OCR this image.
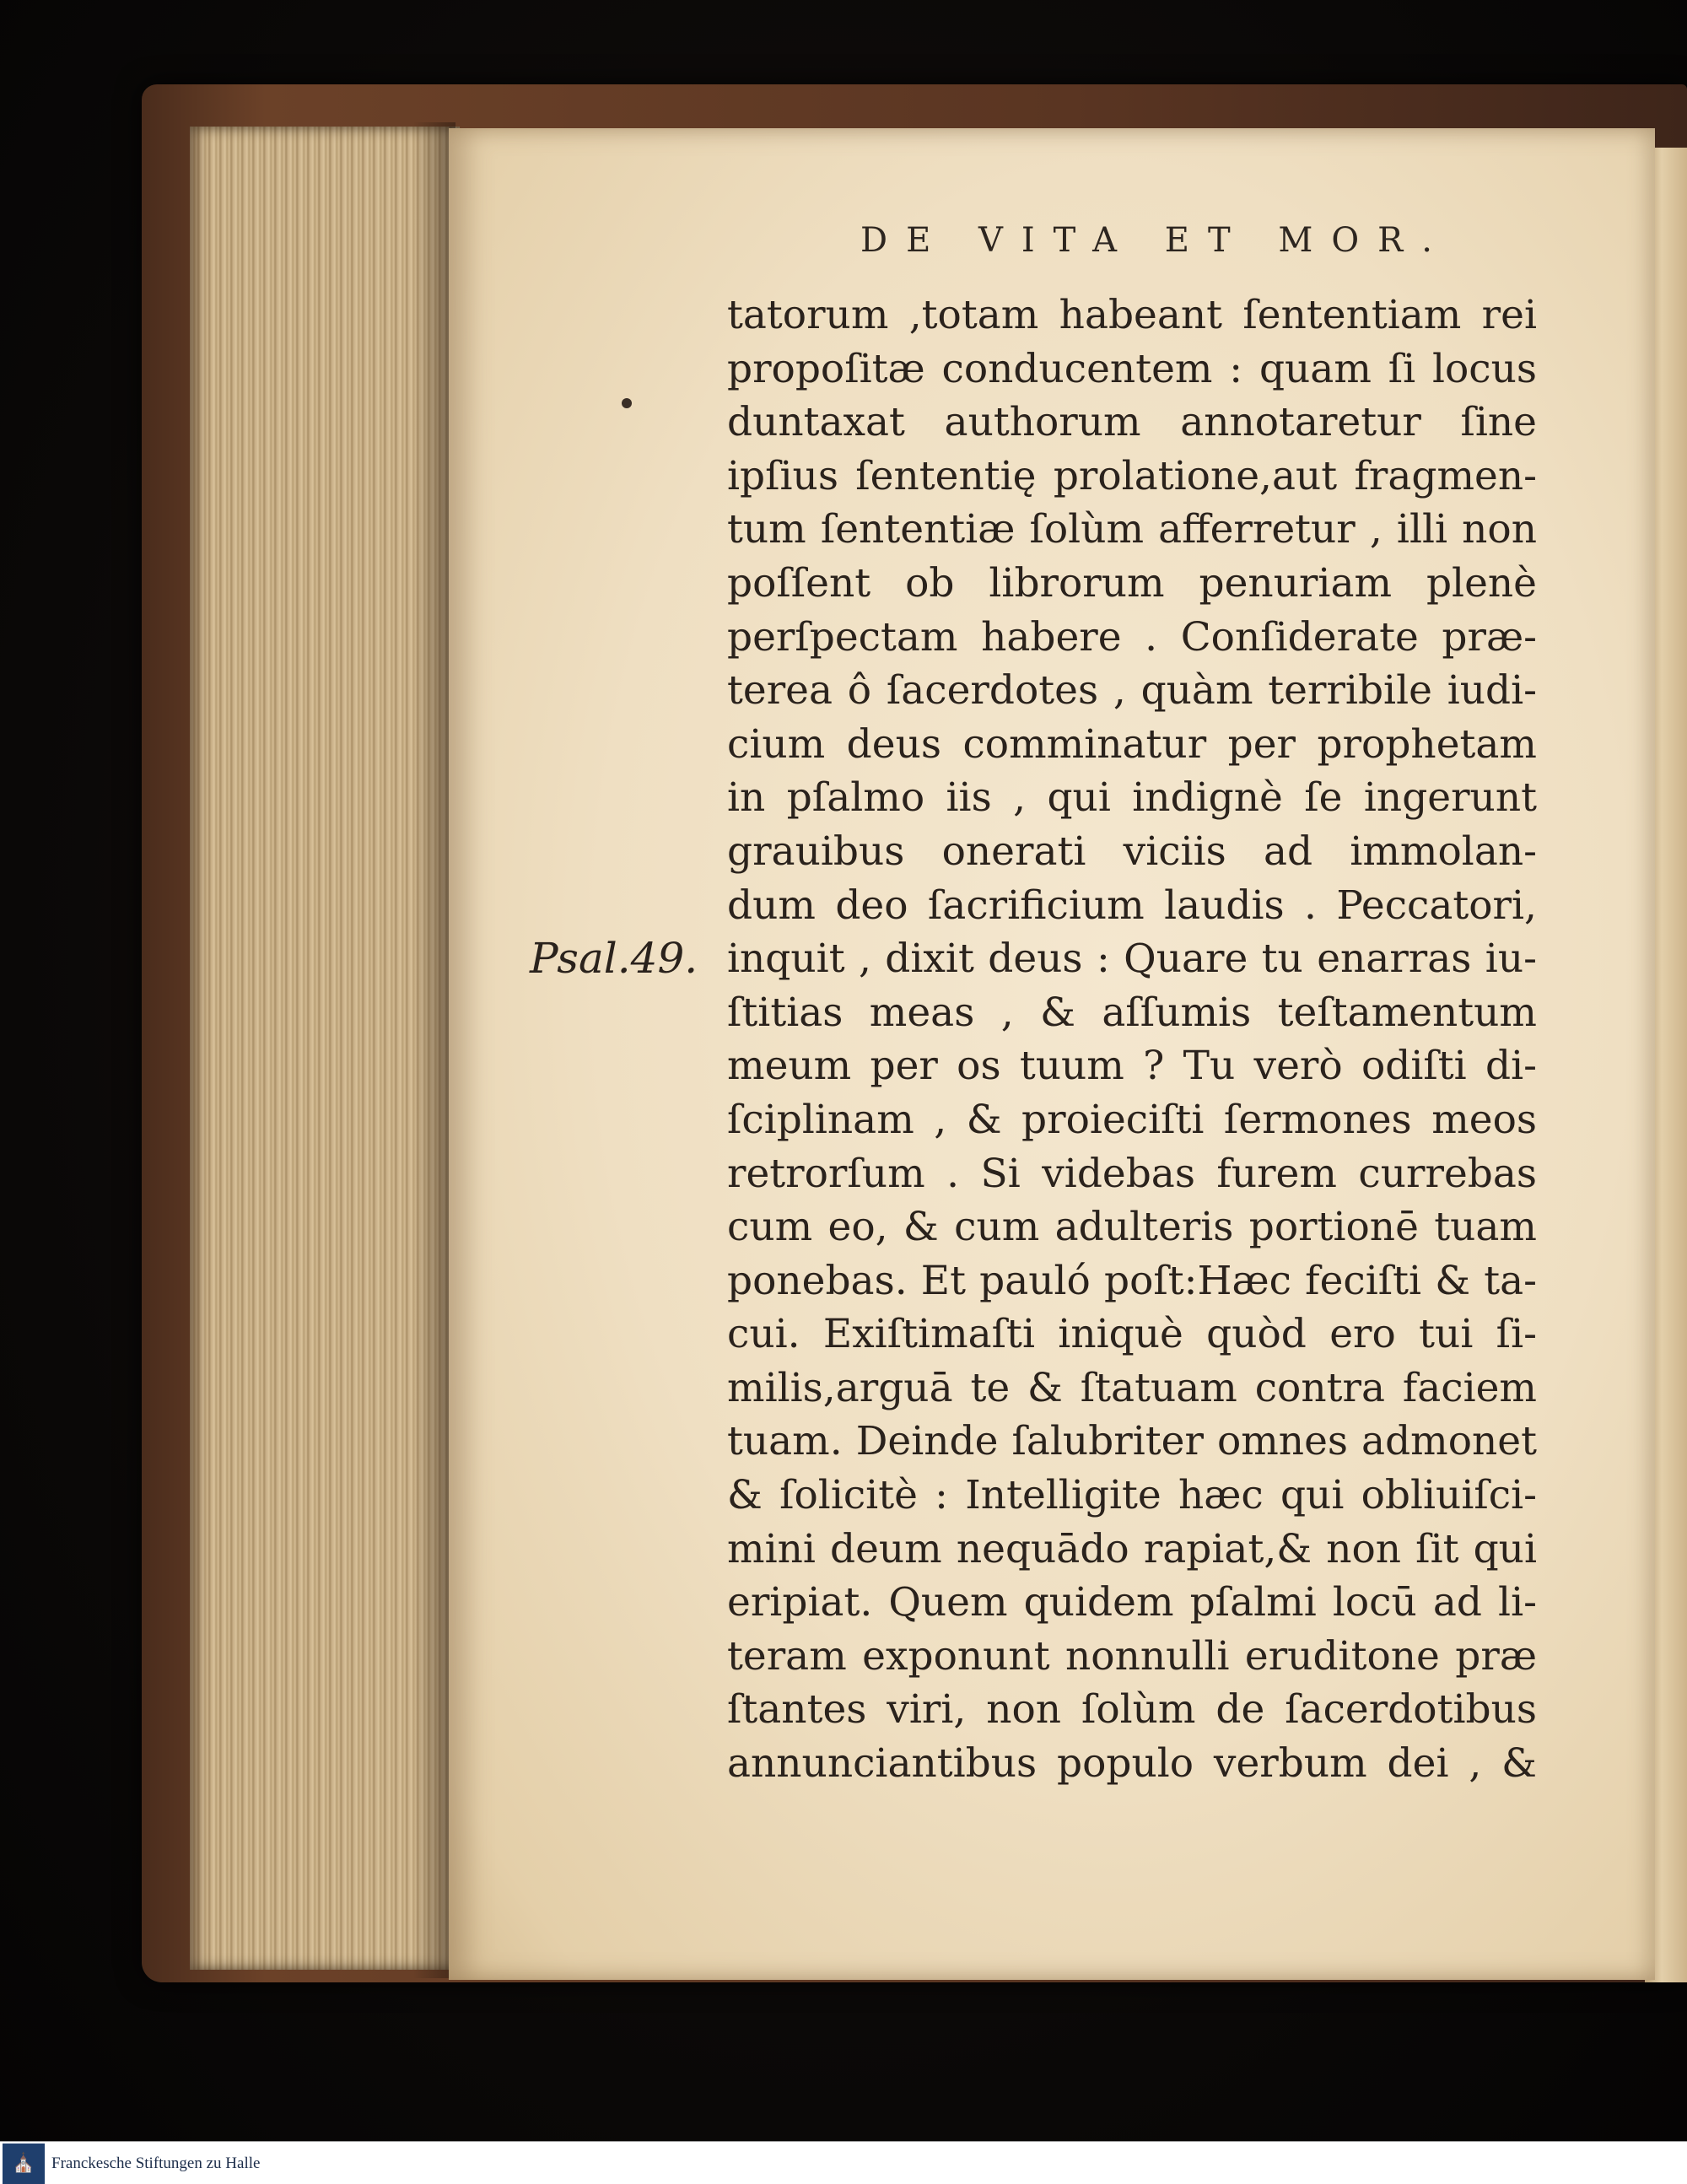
DE VITA ET MOR.
Psal.49.
tatorum ,totam habeant ſententiam rei
propoſitæ conducentem : quam ſi locus
duntaxat authorum annotaretur ſine
ipſius ſententię prolatione,aut fragmen-
tum ſententiæ ſolùm afferretur , illi non
poſſent ob librorum penuriam plenè
perſpectam habere . Conſiderate præ-
terea ô ſacerdotes , quàm terribile iudi-
cium deus comminatur per prophetam
in pſalmo iis , qui indignè ſe ingerunt
grauibus onerati viciis ad immolan-
dum deo ſacrificium laudis . Peccatori,
inquit , dixit deus : Quare tu enarras iu-
ſtitias meas , & aſſumis teſtamentum
meum per os tuum ? Tu verò odiſti di-
ſciplinam , & proieciſti ſermones meos
retrorſum . Si videbas furem currebas
cum eo, & cum adulteris portionē tuam
ponebas. Et pauló poſt:Hæc feciſti & ta-
cui. Exiſtimaſti iniquè quòd ero tui ſi-
milis,arguā te & ſtatuam contra faciem
tuam. Deinde ſalubriter omnes admonet
& ſolicitè : Intelligite hæc qui obliuiſci-
mini deum nequādo rapiat,& non ſit qui
eripiat. Quem quidem pſalmi locū ad li-
teram exponunt nonnulli eruditone præ
ſtantes viri, non ſolùm de ſacerdotibus
annunciantibus populo verbum dei , &
⛪	Franckesche Stiftungen zu Halle
